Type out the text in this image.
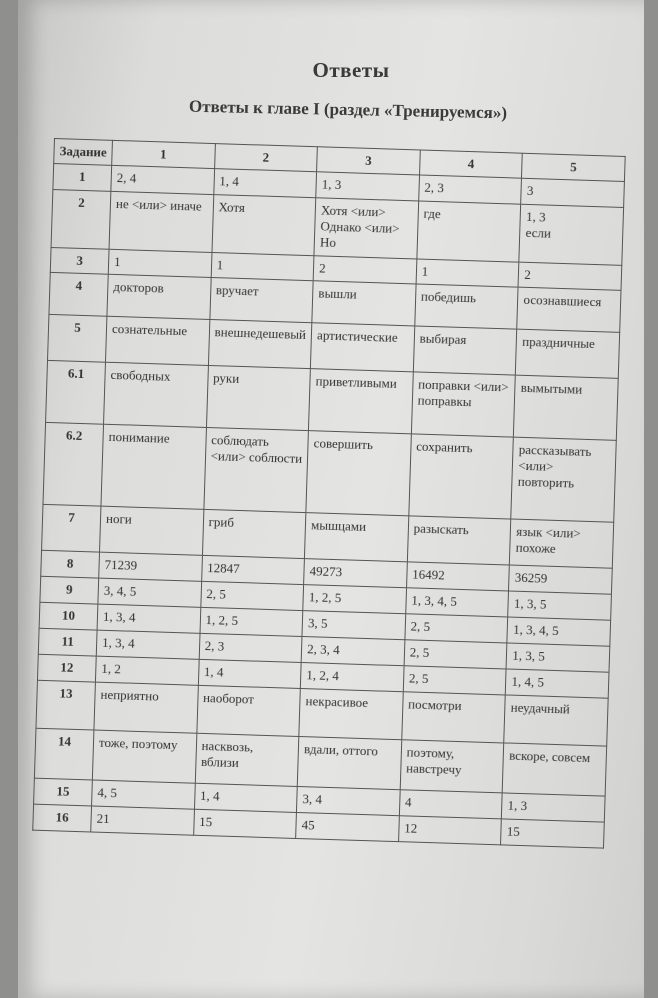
Ответы
Ответы к главе I (раздел «Тренируемся»)
Задание	1	2	3	4	5
1	2, 4	1, 4	1, 3	2, 3	3
2	не <или> иначе	Хотя	Хотя <или> Однако <или> Но	где	1, 3
если
3	1	1	2	1	2
4	докторов	вручает	вышли	победишь	осознавшиеся
5	сознательные	внешнедешевый	артистические	выбирая	праздничные
6.1	свободных	руки	приветливыми	поправки <или> поправкы	вымытыми
6.2	понимание	соблюдать <или> соблюсти	совершить	сохранить	рассказывать <или> повторить
7	ноги	гриб	мышцами	разыскать	язык <или> похоже
8	71239	12847	49273	16492	36259
9	3, 4, 5	2, 5	1, 2, 5	1, 3, 4, 5	1, 3, 5
10	1, 3, 4	1, 2, 5	3, 5	2, 5	1, 3, 4, 5
11	1, 3, 4	2, 3	2, 3, 4	2, 5	1, 3, 5
12	1, 2	1, 4	1, 2, 4	2, 5	1, 4, 5
13	неприятно	наоборот	некрасивое	посмотри	неудачный
14	тоже, поэтому	насквозь, вблизи	вдали, оттого	поэтому, навстречу	вскоре, совсем
15	4, 5	1, 4	3, 4	4	1, 3
16	21	15	45	12	15
